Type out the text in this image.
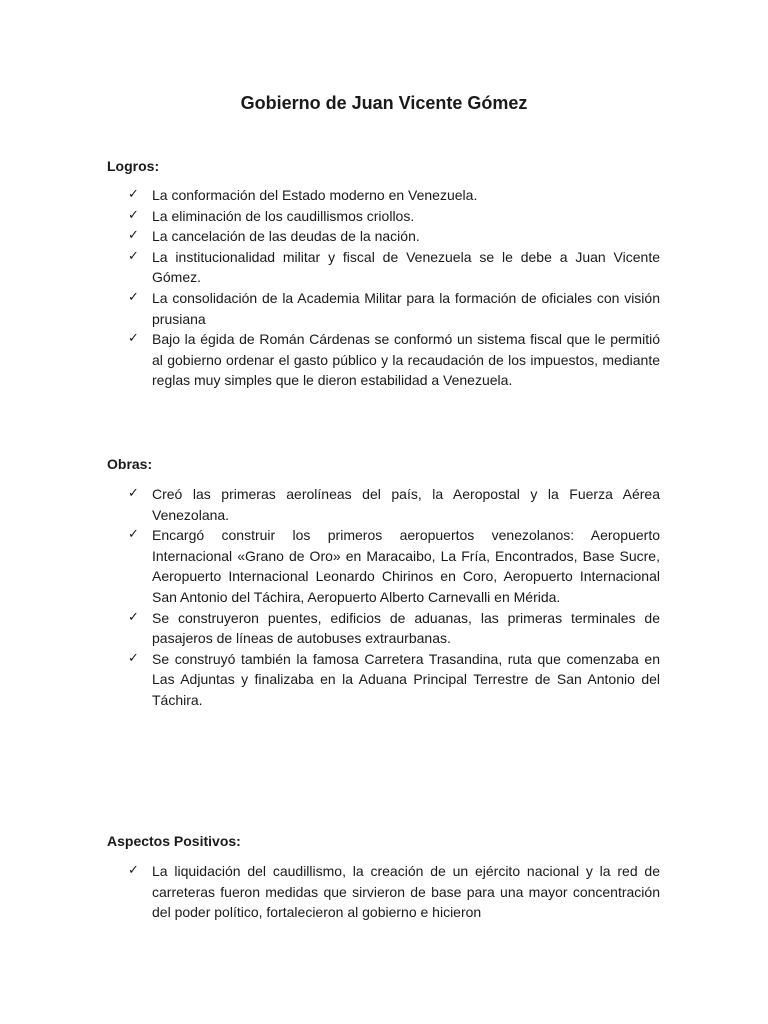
Gobierno de Juan Vicente Gómez

Logros:

✓ La conformación del Estado moderno en Venezuela.
✓ La eliminación de los caudillismos criollos.
✓ La cancelación de las deudas de la nación.
✓ La institucionalidad militar y fiscal de Venezuela se le debe a Juan Vicente Gómez.
✓ La consolidación de la Academia Militar para la formación de oficiales con visión prusiana
✓ Bajo la égida de Román Cárdenas se conformó un sistema fiscal que le permitió al gobierno ordenar el gasto público y la recaudación de los impuestos, mediante reglas muy simples que le dieron estabilidad a Venezuela.

Obras:

✓ Creó las primeras aerolíneas del país, la Aeropostal y la Fuerza Aérea Venezolana.
✓ Encargó construir los primeros aeropuertos venezolanos: Aeropuerto Internacional «Grano de Oro» en Maracaibo, La Fría, Encontrados, Base Sucre, Aeropuerto Internacional Leonardo Chirinos en Coro, Aeropuerto Internacional San Antonio del Táchira, Aeropuerto Alberto Carnevalli en Mérida.
✓ Se construyeron puentes, edificios de aduanas, las primeras terminales de pasajeros de líneas de autobuses extraurbanas.
✓ Se construyó también la famosa Carretera Trasandina, ruta que comenzaba en Las Adjuntas y finalizaba en la Aduana Principal Terrestre de San Antonio del Táchira.

Aspectos Positivos:

✓ La liquidación del caudillismo, la creación de un ejército nacional y la red de carreteras fueron medidas que sirvieron de base para una mayor concentración del poder político, fortalecieron al gobierno e hicieron
